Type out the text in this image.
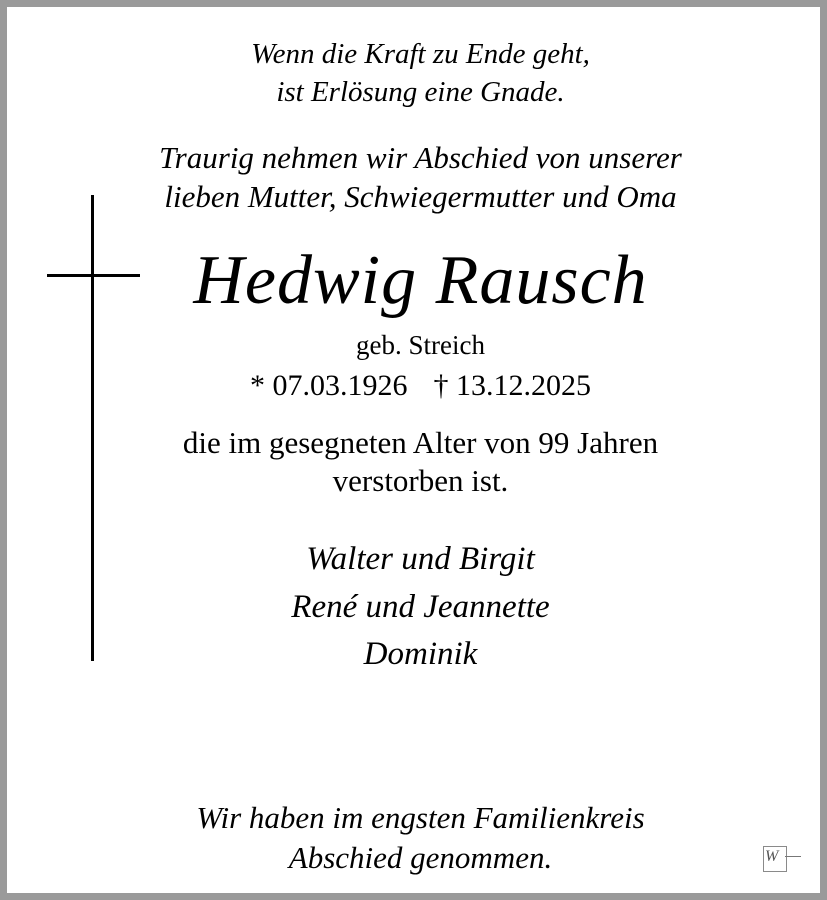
Wenn die Kraft zu Ende geht,
ist Erlösung eine Gnade.
Traurig nehmen wir Abschied von unserer
lieben Mutter, Schwiegermutter und Oma
Hedwig Rausch
geb. Streich
* 07.03.1926 † 13.12.2025
die im gesegneten Alter von 99 Jahren
verstorben ist.
Walter und Birgit
René und Jeannette
Dominik
Wir haben im engsten Familienkreis
Abschied genommen.	W
